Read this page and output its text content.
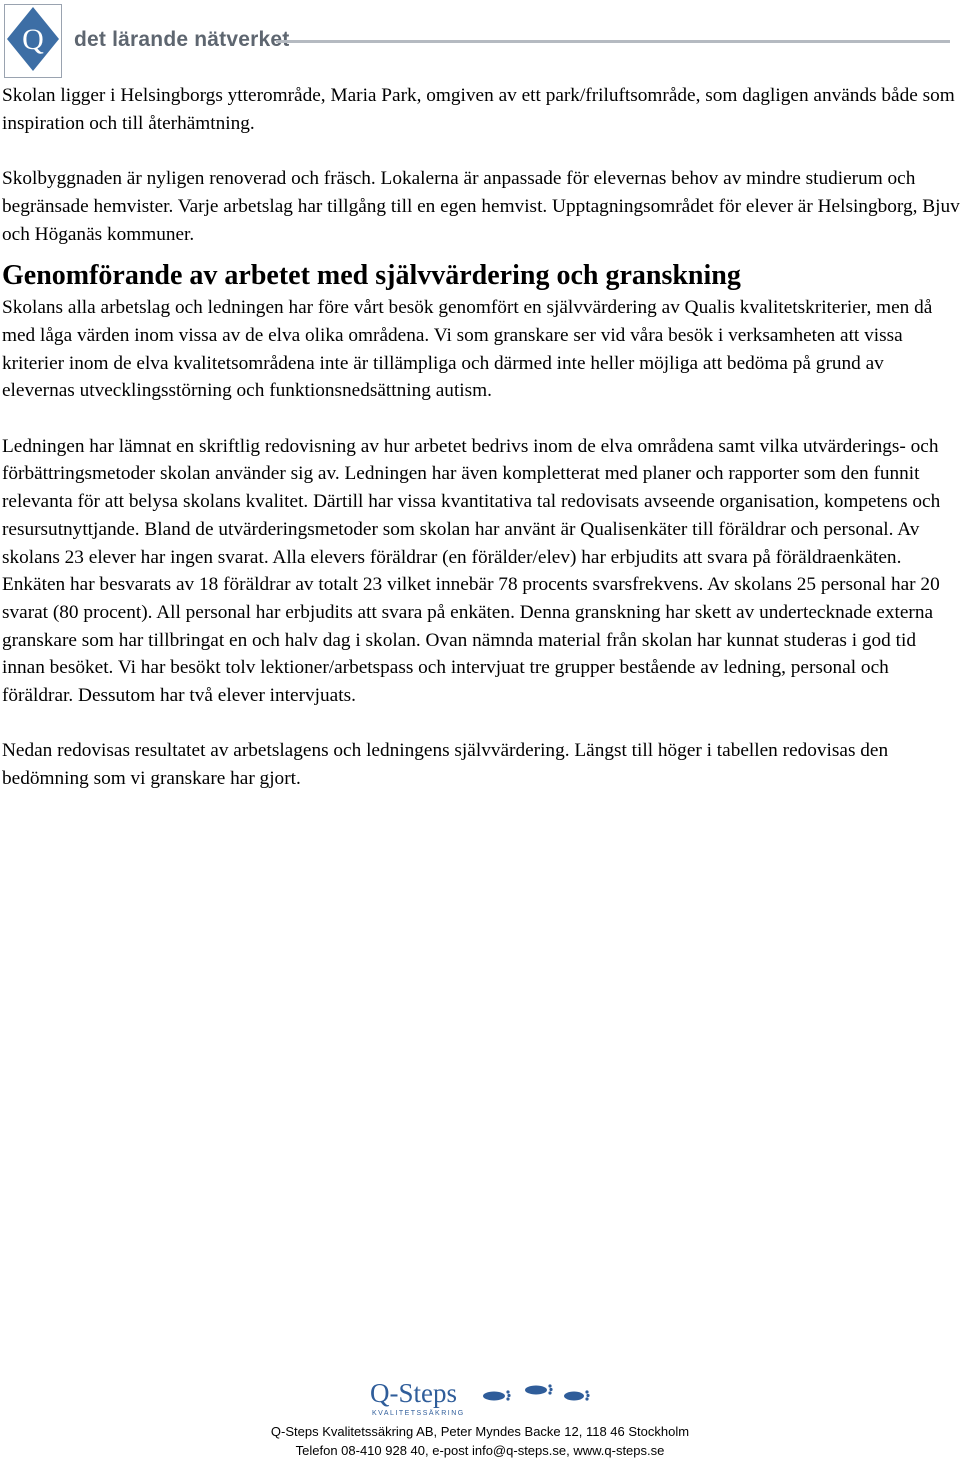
Q det lärande nätverket

Skolan ligger i Helsingborgs ytterområde, Maria Park, omgiven av ett park/friluftsområde, som dagligen används både som inspiration och till återhämtning.

Skolbyggnaden är nyligen renoverad och fräsch. Lokalerna är anpassade för elevernas behov av mindre studierum och begränsade hemvister. Varje arbetslag har tillgång till en egen hemvist. Upptagningsområdet för elever är Helsingborg, Bjuv och Höganäs kommuner.

Genomförande av arbetet med självvärdering och granskning

Skolans alla arbetslag och ledningen har före vårt besök genomfört en självvärdering av Qualis kvalitetskriterier, men då med låga värden inom vissa av de elva olika områdena. Vi som granskare ser vid våra besök i verksamheten att vissa kriterier inom de elva kvalitetsområdena inte är tillämpliga och därmed inte heller möjliga att bedöma på grund av elevernas utvecklingsstörning och funktionsnedsättning autism.

Ledningen har lämnat en skriftlig redovisning av hur arbetet bedrivs inom de elva områdena samt vilka utvärderings- och förbättringsmetoder skolan använder sig av. Ledningen har även kompletterat med planer och rapporter som den funnit relevanta för att belysa skolans kvalitet. Därtill har vissa kvantitativa tal redovisats avseende organisation, kompetens och resursutnyttjande. Bland de utvärderingsmetoder som skolan har använt är Qualisenkäter till föräldrar och personal. Av skolans 23 elever har ingen svarat. Alla elevers föräldrar (en förälder/elev) har erbjudits att svara på föräldraenkäten. Enkäten har besvarats av 18 föräldrar av totalt 23 vilket innebär 78 procents svarsfrekvens. Av skolans 25 personal har 20 svarat (80 procent). All personal har erbjudits att svara på enkäten. Denna granskning har skett av undertecknade externa granskare som har tillbringat en och halv dag i skolan. Ovan nämnda material från skolan har kunnat studeras i god tid innan besöket. Vi har besökt tolv lektioner/arbetspass och intervjuat tre grupper bestående av ledning, personal och föräldrar. Dessutom har två elever intervjuats.

Nedan redovisas resultatet av arbetslagens och ledningens självvärdering. Längst till höger i tabellen redovisas den bedömning som vi granskare har gjort.

Q-Steps
KVALITETSSÄKRING
Q-Steps Kvalitetssäkring AB, Peter Myndes Backe 12, 118 46 Stockholm
Telefon 08-410 928 40, e-post info@q-steps.se, www.q-steps.se
